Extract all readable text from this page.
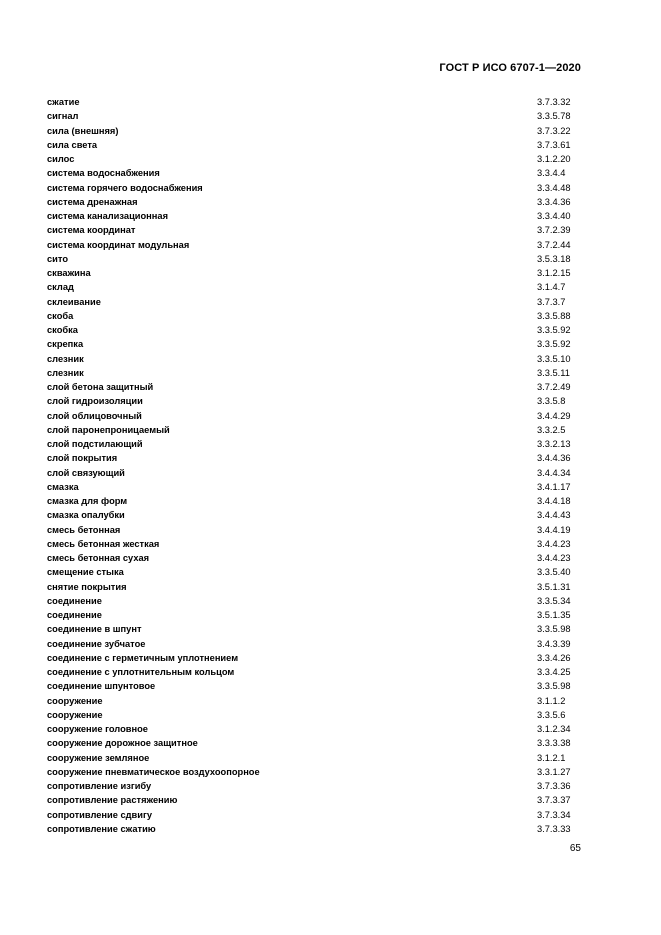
ГОСТ Р ИСО 6707-1—2020
сжатие	3.7.3.32
сигнал	3.3.5.78
сила (внешняя)	3.7.3.22
сила света	3.7.3.61
силос	3.1.2.20
система водоснабжения	3.3.4.4
система горячего водоснабжения	3.3.4.48
система дренажная	3.3.4.36
система канализационная	3.3.4.40
система координат	3.7.2.39
система координат модульная	3.7.2.44
сито	3.5.3.18
скважина	3.1.2.15
склад	3.1.4.7
склеивание	3.7.3.7
скоба	3.3.5.88
скобка	3.3.5.92
скрепка	3.3.5.92
слезник	3.3.5.10
слезник	3.3.5.11
слой бетона защитный	3.7.2.49
слой гидроизоляции	3.3.5.8
слой облицовочный	3.4.4.29
слой паронепроницаемый	3.3.2.5
слой подстилающий	3.3.2.13
слой покрытия	3.4.4.36
слой связующий	3.4.4.34
смазка	3.4.1.17
смазка для форм	3.4.4.18
смазка опалубки	3.4.4.43
смесь бетонная	3.4.4.19
смесь бетонная жесткая	3.4.4.23
смесь бетонная сухая	3.4.4.23
смещение стыка	3.3.5.40
снятие покрытия	3.5.1.31
соединение	3.3.5.34
соединение	3.5.1.35
соединение в шпунт	3.3.5.98
соединение зубчатое	3.4.3.39
соединение с герметичным уплотнением	3.3.4.26
соединение с уплотнительным кольцом	3.3.4.25
соединение шпунтовое	3.3.5.98
сооружение	3.1.1.2
сооружение	3.3.5.6
сооружение головное	3.1.2.34
сооружение дорожное защитное	3.3.3.38
сооружение земляное	3.1.2.1
сооружение пневматическое воздухоопорное	3.3.1.27
сопротивление изгибу	3.7.3.36
сопротивление растяжению	3.7.3.37
сопротивление сдвигу	3.7.3.34
сопротивление сжатию	3.7.3.33
65
